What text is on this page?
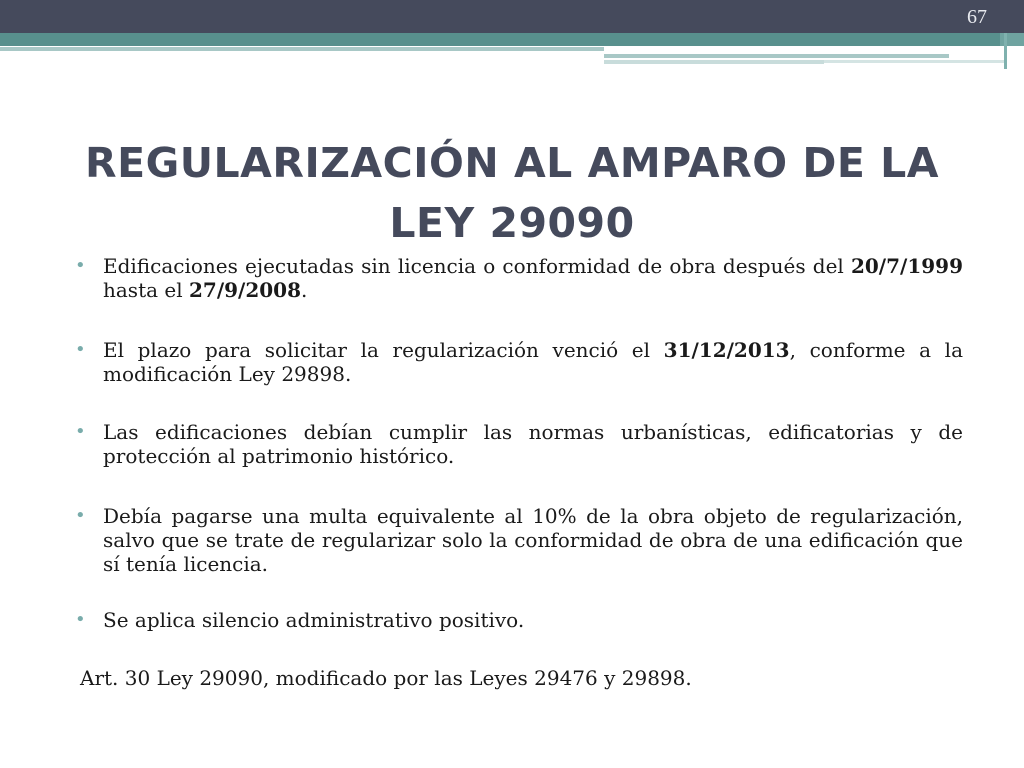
67
REGULARIZACIÓN AL AMPARO DE LA LEY 29090
• Edificaciones ejecutadas sin licencia o conformidad de obra después del 20/7/1999 hasta el 27/9/2008.
• El plazo para solicitar la regularización venció el 31/12/2013, conforme a la modificación Ley 29898.
• Las edificaciones debían cumplir las normas urbanísticas, edificatorias y de protección al patrimonio histórico.
• Debía pagarse una multa equivalente al 10% de la obra objeto de regularización, salvo que se trate de regularizar solo la conformidad de obra de una edificación que sí tenía licencia.
• Se aplica silencio administrativo positivo.

Art. 30 Ley 29090, modificado por las Leyes 29476 y 29898.
